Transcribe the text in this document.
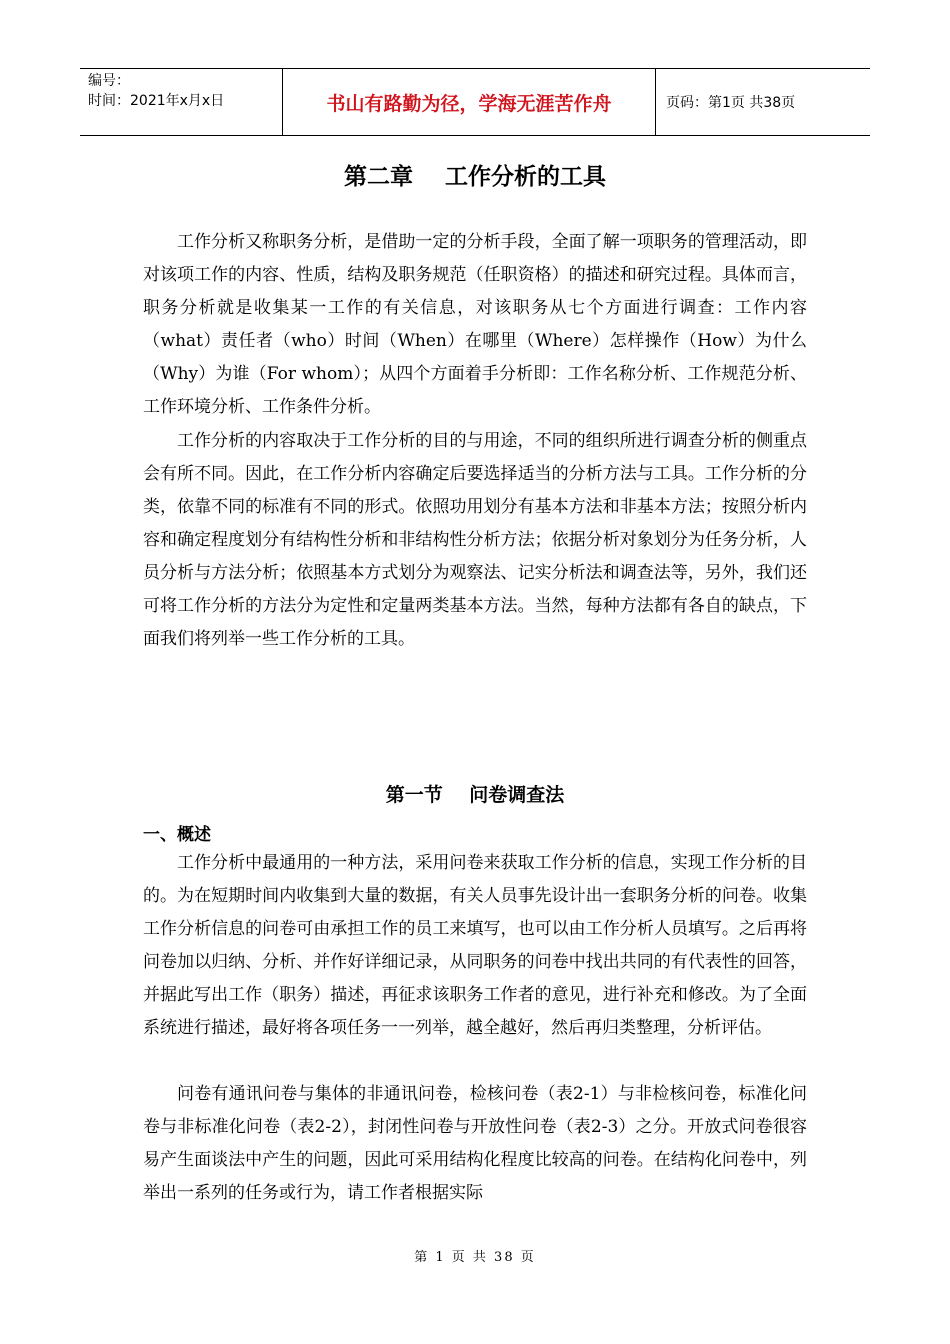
编号：
时间：2021年x月x日	书山有路勤为径，学海无涯苦作舟	页码：第1页 共38页
第二章    工作分析的工具

工作分析又称职务分析，是借助一定的分析手段，全面了解一项职务的管理活动，即对该项工作的内容、性质，结构及职务规范（任职资格）的描述和研究过程。具体而言，职务分析就是收集某一工作的有关信息，对该职务从七个方面进行调查：工作内容（what）责任者（who）时间（When）在哪里（Where）怎样操作（How）为什么（Why）为谁（For whom）；从四个方面着手分析即：工作名称分析、工作规范分析、工作环境分析、工作条件分析。

工作分析的内容取决于工作分析的目的与用途，不同的组织所进行调查分析的侧重点会有所不同。因此，在工作分析内容确定后要选择适当的分析方法与工具。工作分析的分类，依靠不同的标准有不同的形式。依照功用划分有基本方法和非基本方法；按照分析内容和确定程度划分有结构性分析和非结构性分析方法；依据分析对象划分为任务分析，人员分析与方法分析；依照基本方式划分为观察法、记实分析法和调查法等，另外，我们还可将工作分析的方法分为定性和定量两类基本方法。当然，每种方法都有各自的缺点，下面我们将列举一些工作分析的工具。

第一节    问卷调查法
一、概述

工作分析中最通用的一种方法，采用问卷来获取工作分析的信息，实现工作分析的目的。为在短期时间内收集到大量的数据，有关人员事先设计出一套职务分析的问卷。收集工作分析信息的问卷可由承担工作的员工来填写，也可以由工作分析人员填写。之后再将问卷加以归纳、分析、并作好详细记录，从同职务的问卷中找出共同的有代表性的回答，并据此写出工作（职务）描述，再征求该职务工作者的意见，进行补充和修改。为了全面系统进行描述，最好将各项任务一一列举，越全越好，然后再归类整理，分析评估。

问卷有通讯问卷与集体的非通讯问卷，检核问卷（表2-1）与非检核问卷，标准化问卷与非标准化问卷（表2-2），封闭性问卷与开放性问卷（表2-3）之分。开放式问卷很容易产生面谈法中产生的问题，因此可采用结构化程度比较高的问卷。在结构化问卷中，列举出一系列的任务或行为，请工作者根据实际

第 1 页 共 38 页
